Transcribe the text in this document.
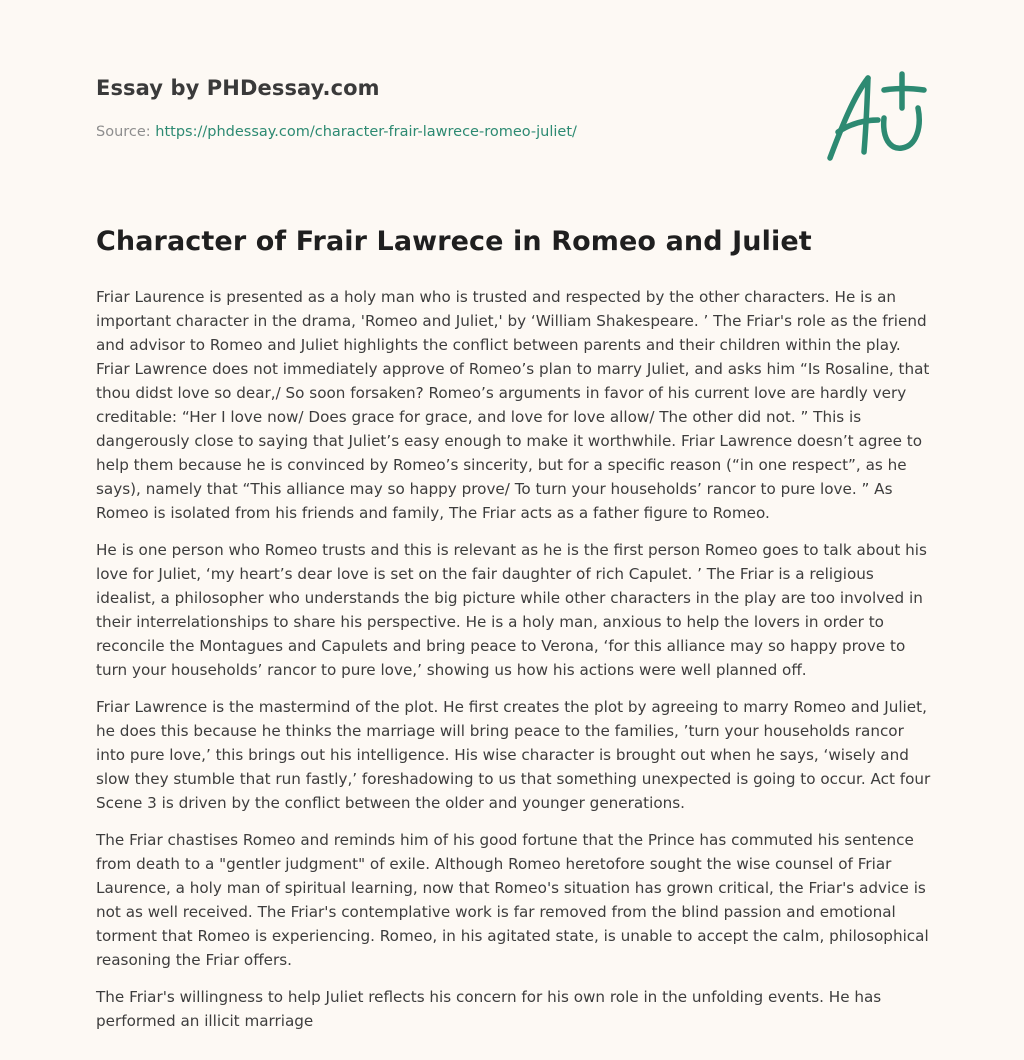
Essay by PHDessay.com

Source: https://phdessay.com/character-frair-lawrece-romeo-juliet/

Character of Frair Lawrece in Romeo and Juliet

Friar Laurence is presented as a holy man who is trusted and respected by the other characters. He is an important character in the drama, 'Romeo and Juliet,' by ‘William Shakespeare. ’ The Friar's role as the friend and advisor to Romeo and Juliet highlights the conflict between parents and their children within the play. Friar Lawrence does not immediately approve of Romeo’s plan to marry Juliet, and asks him “Is Rosaline, that thou didst love so dear,/ So soon forsaken? Romeo’s arguments in favor of his current love are hardly very creditable: “Her I love now/ Does grace for grace, and love for love allow/ The other did not. ” This is dangerously close to saying that Juliet’s easy enough to make it worthwhile. Friar Lawrence doesn’t agree to help them because he is convinced by Romeo’s sincerity, but for a specific reason (“in one respect”, as he says), namely that “This alliance may so happy prove/ To turn your households’ rancor to pure love. ” As Romeo is isolated from his friends and family, The Friar acts as a father figure to Romeo.

He is one person who Romeo trusts and this is relevant as he is the first person Romeo goes to talk about his love for Juliet, ‘my heart’s dear love is set on the fair daughter of rich Capulet. ’ The Friar is a religious idealist, a philosopher who understands the big picture while other characters in the play are too involved in their interrelationships to share his perspective. He is a holy man, anxious to help the lovers in order to reconcile the Montagues and Capulets and bring peace to Verona, ‘for this alliance may so happy prove to turn your households’ rancor to pure love,’ showing us how his actions were well planned off.

Friar Lawrence is the mastermind of the plot. He first creates the plot by agreeing to marry Romeo and Juliet, he does this because he thinks the marriage will bring peace to the families, ’turn your households rancor into pure love,’ this brings out his intelligence. His wise character is brought out when he says, ‘wisely and slow they stumble that run fastly,’ foreshadowing to us that something unexpected is going to occur. Act four Scene 3 is driven by the conflict between the older and younger generations.

The Friar chastises Romeo and reminds him of his good fortune that the Prince has commuted his sentence from death to a "gentler judgment" of exile. Although Romeo heretofore sought the wise counsel of Friar Laurence, a holy man of spiritual learning, now that Romeo's situation has grown critical, the Friar's advice is not as well received. The Friar's contemplative work is far removed from the blind passion and emotional torment that Romeo is experiencing. Romeo, in his agitated state, is unable to accept the calm, philosophical reasoning the Friar offers.

The Friar's willingness to help Juliet reflects his concern for his own role in the unfolding events. He has performed an illicit marriage
